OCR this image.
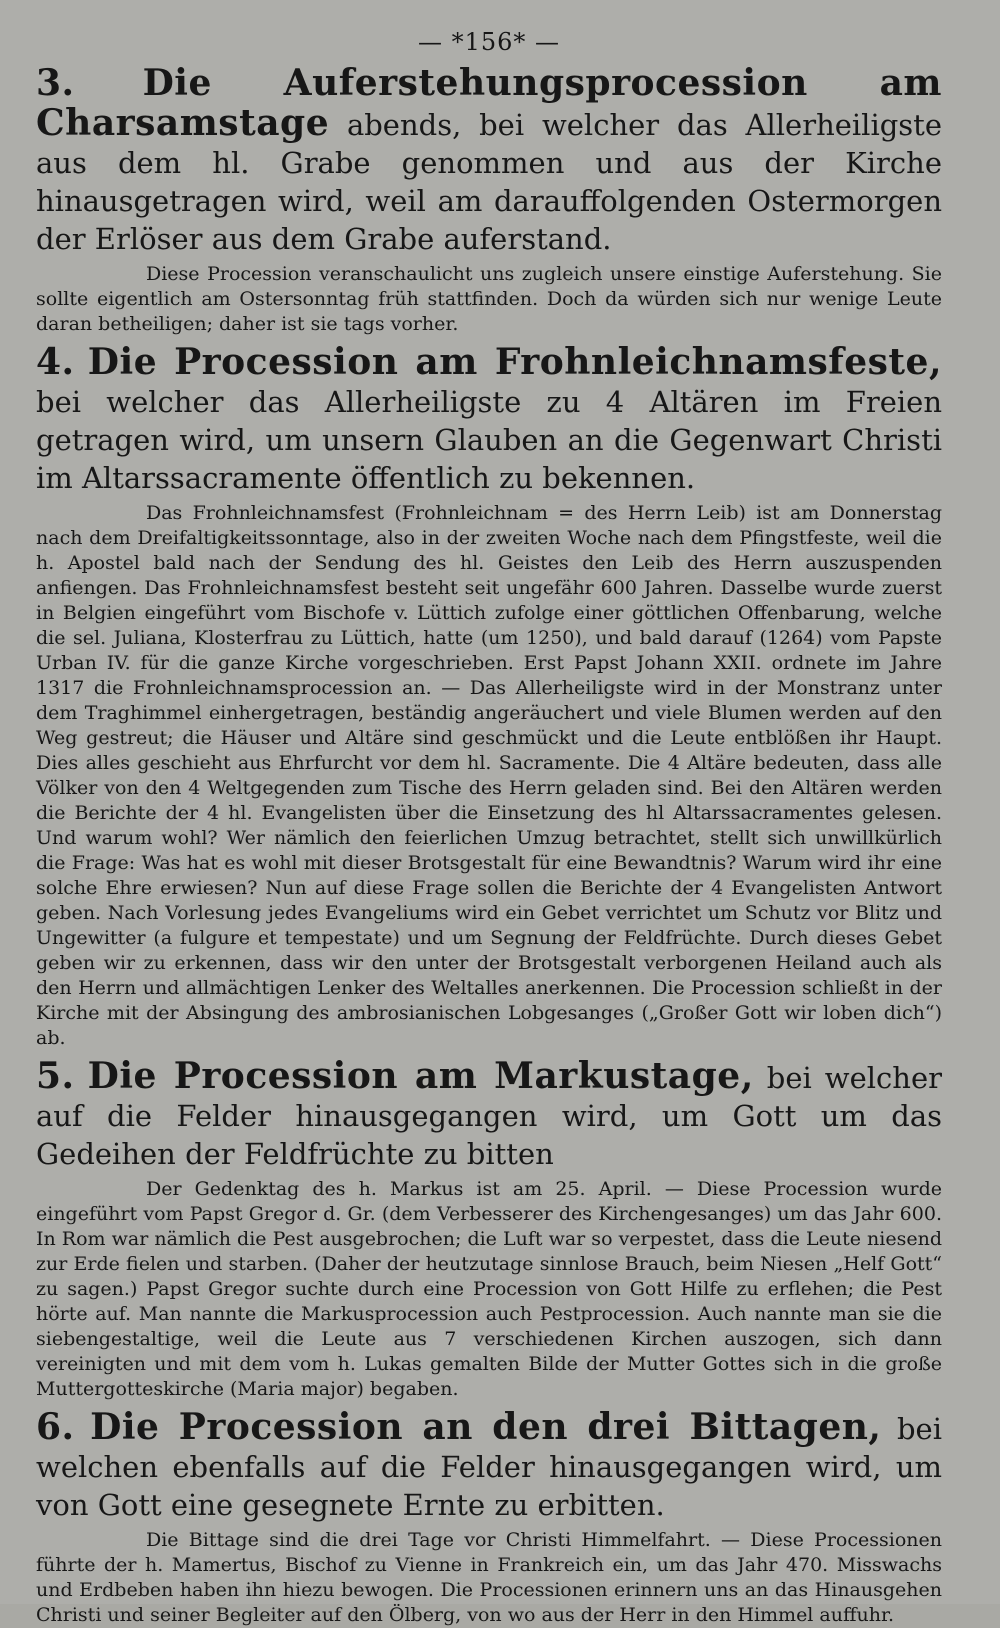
— *156* —
3. Die Auferstehungsprocession am Charsamstage abends, bei welcher das Allerheiligste aus dem hl. Grabe genommen und aus der Kirche hinausgetragen wird, weil am darauffolgenden Ostermorgen der Erlöser aus dem Grabe auferstand.

Diese Procession veranschaulicht uns zugleich unsere einstige Auferstehung. Sie sollte eigentlich am Ostersonntag früh stattfinden. Doch da würden sich nur wenige Leute daran betheiligen; daher ist sie tags vorher.

4. Die Procession am Frohnleichnamsfeste, bei welcher das Allerheiligste zu 4 Altären im Freien getragen wird, um unsern Glauben an die Gegenwart Christi im Altarssacramente öffentlich zu bekennen.

Das Frohnleichnamsfest (Frohnleichnam = des Herrn Leib) ist am Donnerstag nach dem Dreifaltigkeitssonntage, also in der zweiten Woche nach dem Pfingstfeste, weil die h. Apostel bald nach der Sendung des hl. Geistes den Leib des Herrn auszuspenden anfiengen. Das Frohnleichnamsfest besteht seit ungefähr 600 Jahren. Dasselbe wurde zuerst in Belgien eingeführt vom Bischofe v. Lüttich zufolge einer göttlichen Offenbarung, welche die sel. Juliana, Klosterfrau zu Lüttich, hatte (um 1250), und bald darauf (1264) vom Papste Urban IV. für die ganze Kirche vorgeschrieben. Erst Papst Johann XXII. ordnete im Jahre 1317 die Frohnleichnamsprocession an. — Das Allerheiligste wird in der Monstranz unter dem Traghimmel einhergetragen, beständig angeräuchert und viele Blumen werden auf den Weg gestreut; die Häuser und Altäre sind geschmückt und die Leute entblößen ihr Haupt. Dies alles geschieht aus Ehrfurcht vor dem hl. Sacramente. Die 4 Altäre bedeuten, dass alle Völker von den 4 Weltgegenden zum Tische des Herrn geladen sind. Bei den Altären werden die Berichte der 4 hl. Evangelisten über die Einsetzung des hl Altarssacramentes gelesen. Und warum wohl? Wer nämlich den feierlichen Umzug betrachtet, stellt sich unwillkürlich die Frage: Was hat es wohl mit dieser Brotsgestalt für eine Bewandtnis? Warum wird ihr eine solche Ehre erwiesen? Nun auf diese Frage sollen die Berichte der 4 Evangelisten Antwort geben. Nach Vorlesung jedes Evangeliums wird ein Gebet verrichtet um Schutz vor Blitz und Ungewitter (a fulgure et tempestate) und um Segnung der Feldfrüchte. Durch dieses Gebet geben wir zu erkennen, dass wir den unter der Brotsgestalt verborgenen Heiland auch als den Herrn und allmächtigen Lenker des Weltalles anerkennen. Die Procession schließt in der Kirche mit der Absingung des ambrosianischen Lobgesanges („Großer Gott wir loben dich“) ab.

5. Die Procession am Markustage, bei welcher auf die Felder hinausgegangen wird, um Gott um das Gedeihen der Feldfrüchte zu bitten

Der Gedenktag des h. Markus ist am 25. April. — Diese Procession wurde eingeführt vom Papst Gregor d. Gr. (dem Verbesserer des Kirchengesanges) um das Jahr 600. In Rom war nämlich die Pest ausgebrochen; die Luft war so verpestet, dass die Leute niesend zur Erde fielen und starben. (Daher der heutzutage sinnlose Brauch, beim Niesen „Helf Gott“ zu sagen.) Papst Gregor suchte durch eine Procession von Gott Hilfe zu erflehen; die Pest hörte auf. Man nannte die Markusprocession auch Pestprocession. Auch nannte man sie die siebengestaltige, weil die Leute aus 7 verschiedenen Kirchen auszogen, sich dann vereinigten und mit dem vom h. Lukas gemalten Bilde der Mutter Gottes sich in die große Muttergotteskirche (Maria major) begaben.

6. Die Procession an den drei Bittagen, bei welchen ebenfalls auf die Felder hinausgegangen wird, um von Gott eine gesegnete Ernte zu erbitten.

Die Bittage sind die drei Tage vor Christi Himmelfahrt. — Diese Processionen führte der h. Mamertus, Bischof zu Vienne in Frankreich ein, um das Jahr 470. Misswachs und Erdbeben haben ihn hiezu bewogen. Die Processionen erinnern uns an das Hinausgehen Christi und seiner Begleiter auf den Ölberg, von wo aus der Herr in den Himmel auffuhr.
